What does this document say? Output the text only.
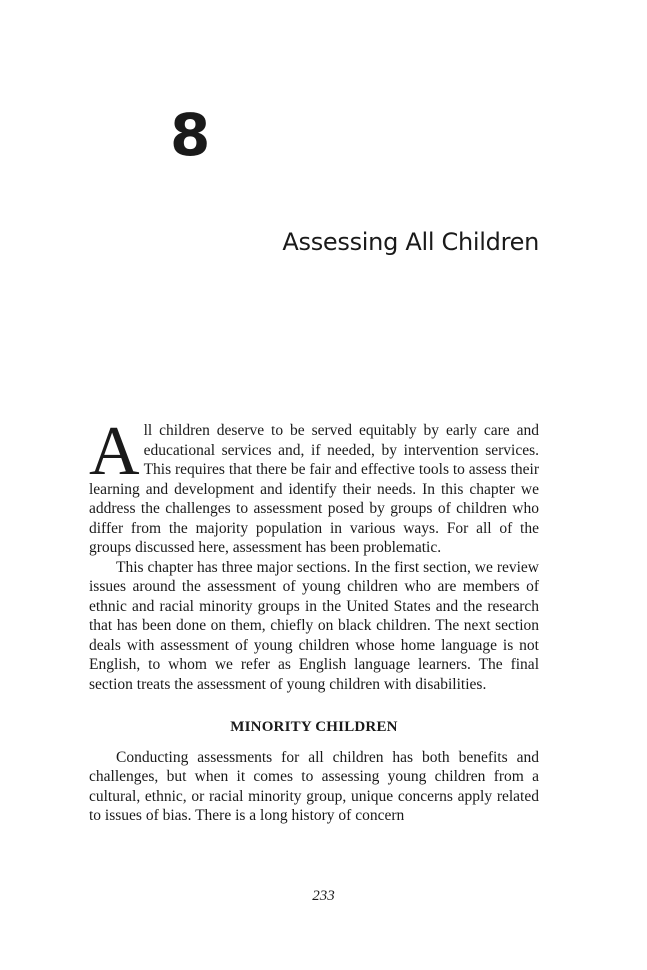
8
Assessing All Children

All children deserve to be served equitably by early care and educational services and, if needed, by intervention services. This requires that there be fair and effective tools to assess their learning and development and identify their needs. In this chapter we address the challenges to assessment posed by groups of children who differ from the majority population in various ways. For all of the groups discussed here, assessment has been problematic.

This chapter has three major sections. In the first section, we review issues around the assessment of young children who are members of ethnic and racial minority groups in the United States and the research that has been done on them, chiefly on black children. The next section deals with assessment of young children whose home language is not English, to whom we refer as English language learners. The final section treats the assessment of young children with disabilities.

MINORITY CHILDREN

Conducting assessments for all children has both benefits and challenges, but when it comes to assessing young children from a cultural, ethnic, or racial minority group, unique concerns apply related to issues of bias. There is a long history of concern

233
